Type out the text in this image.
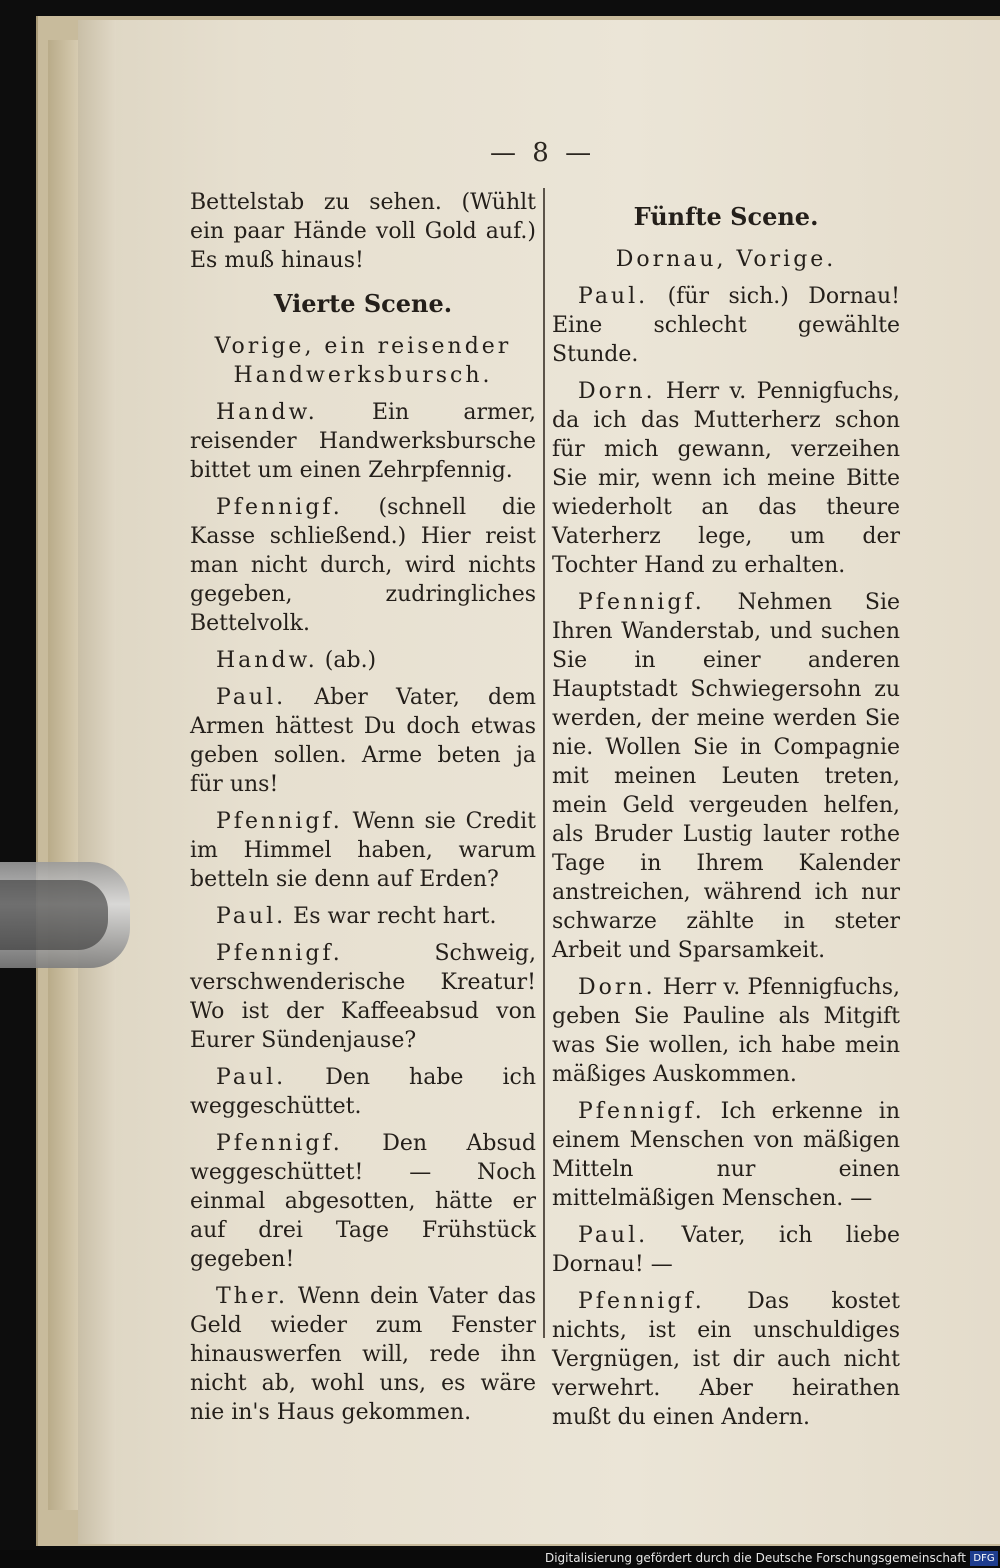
— 8 —

Bettelstab zu sehen. (Wühlt ein paar Hände voll Gold auf.) Es muß hinaus!

Vierte Scene.

Vorige, ein reisender Handwerksbursch.

Handw. Ein armer, reisender Handwerksbursche bittet um einen Zehrpfennig.

Pfennigf. (schnell die Kasse schließend.) Hier reist man nicht durch, wird nichts gegeben, zudringliches Bettelvolk.

Handw. (ab.)

Paul. Aber Vater, dem Armen hättest Du doch etwas geben sollen. Arme beten ja für uns!

Pfennigf. Wenn sie Credit im Himmel haben, warum betteln sie denn auf Erden?

Paul. Es war recht hart.

Pfennigf.	Schweig, verschwenderische Kreatur! Wo ist der Kaffeeabsud von Eurer Sündenjause?

Paul. Den habe ich weggeschüttet.

Pfennigf. Den Absud weggeschüttet! — Noch einmal abgesotten, hätte er auf drei Tage Frühstück gegeben!

Ther. Wenn dein Vater das Geld wieder zum Fenster hinauswerfen will, rede ihn nicht ab, wohl uns, es wäre nie in's Haus gekommen.

Fünfte Scene.

Dornau, Vorige.

Paul. (für sich.) Dornau! Eine schlecht gewählte Stunde.

Dorn. Herr v. Pennigfuchs, da ich das Mutterherz schon für mich gewann, verzeihen Sie mir, wenn ich meine Bitte wiederholt an das theure Vaterherz lege, um der Tochter Hand zu erhalten.

Pfennigf. Nehmen Sie Ihren Wanderstab, und suchen Sie in einer anderen Hauptstadt Schwiegersohn zu werden, der meine werden Sie nie. Wollen Sie in Compagnie mit meinen Leuten treten, mein Geld vergeuden helfen, als Bruder Lustig lauter rothe Tage in Ihrem Kalender anstreichen, während ich nur schwarze zählte in steter Arbeit und Sparsamkeit.

Dorn. Herr v. Pfennigfuchs, geben Sie Pauline als Mitgift was Sie wollen, ich habe mein mäßiges Auskommen.

Pfennigf. Ich erkenne in einem Menschen von mäßigen Mitteln nur einen mittelmäßigen Menschen. —

Paul. Vater, ich liebe Dornau! —

Pfennigf. Das kostet nichts, ist ein unschuldiges Vergnügen, ist dir auch nicht verwehrt. Aber heirathen mußt du einen Andern.

Digitalisierung gefördert durch die Deutsche Forschungsgemeinschaft DFG
